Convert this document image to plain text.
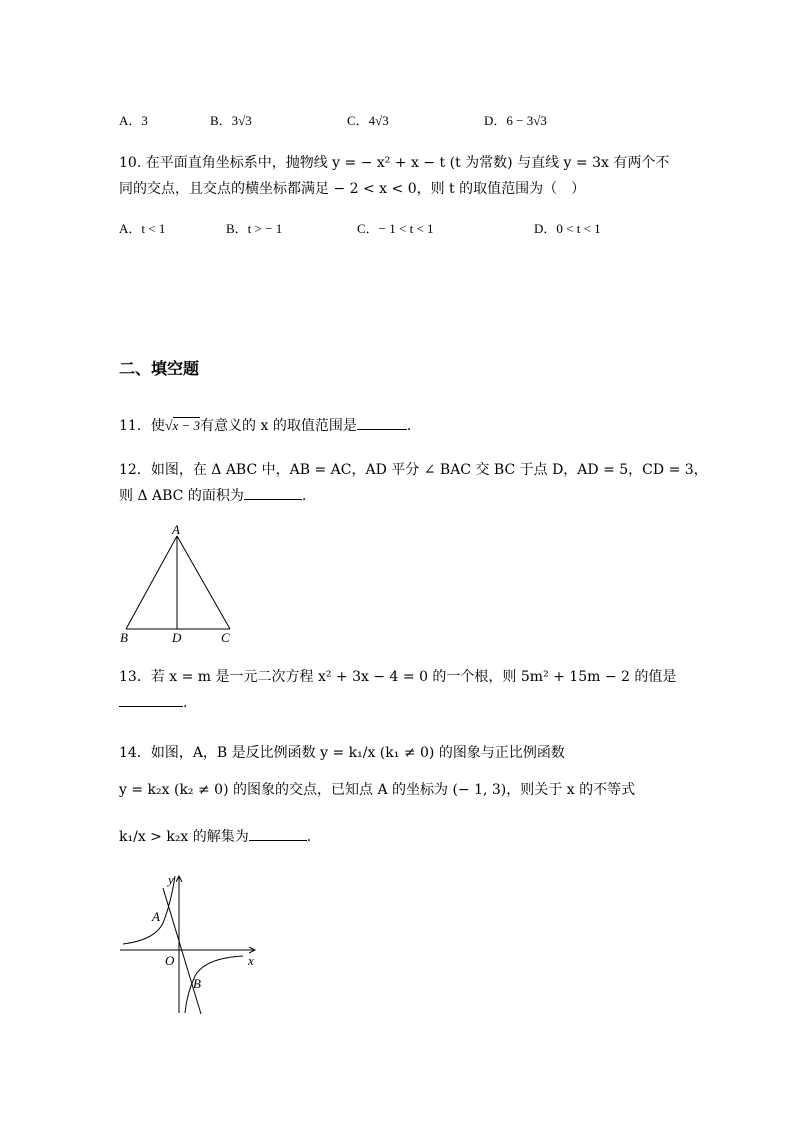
A．3	B．3√3	C．4√3	D．6 − 3√3
10. 在平面直角坐标系中，抛物线 y = − x² + x − t (t 为常数) 与直线 y = 3x 有两个不
同的交点，且交点的横坐标都满足 − 2 < x < 0，则 t 的取值范围为（　）
A．t < 1	B．t > − 1	C．− 1 < t < 1	D．0 < t < 1
二、填空题
11．使√x − 3有意义的 x 的取值范围是	.
12．如图，在 Δ ABC 中，AB = AC，AD 平分 ∠ BAC 交 BC 于点 D，AD = 5，CD = 3，
则 Δ ABC 的面积为	.
A
B	D	C
13．若 x = m 是一元二次方程 x² + 3x − 4 = 0 的一个根，则 5m² + 15m − 2 的值是
.
14．如图，A，B 是反比例函数 y = k₁/x (k₁ ≠ 0) 的图象与正比例函数
y = k₂x (k₂ ≠ 0) 的图象的交点，已知点 A 的坐标为 (− 1, 3)，则关于 x 的不等式
k₁/x > k₂x 的解集为	.
y
x
O
A
B
